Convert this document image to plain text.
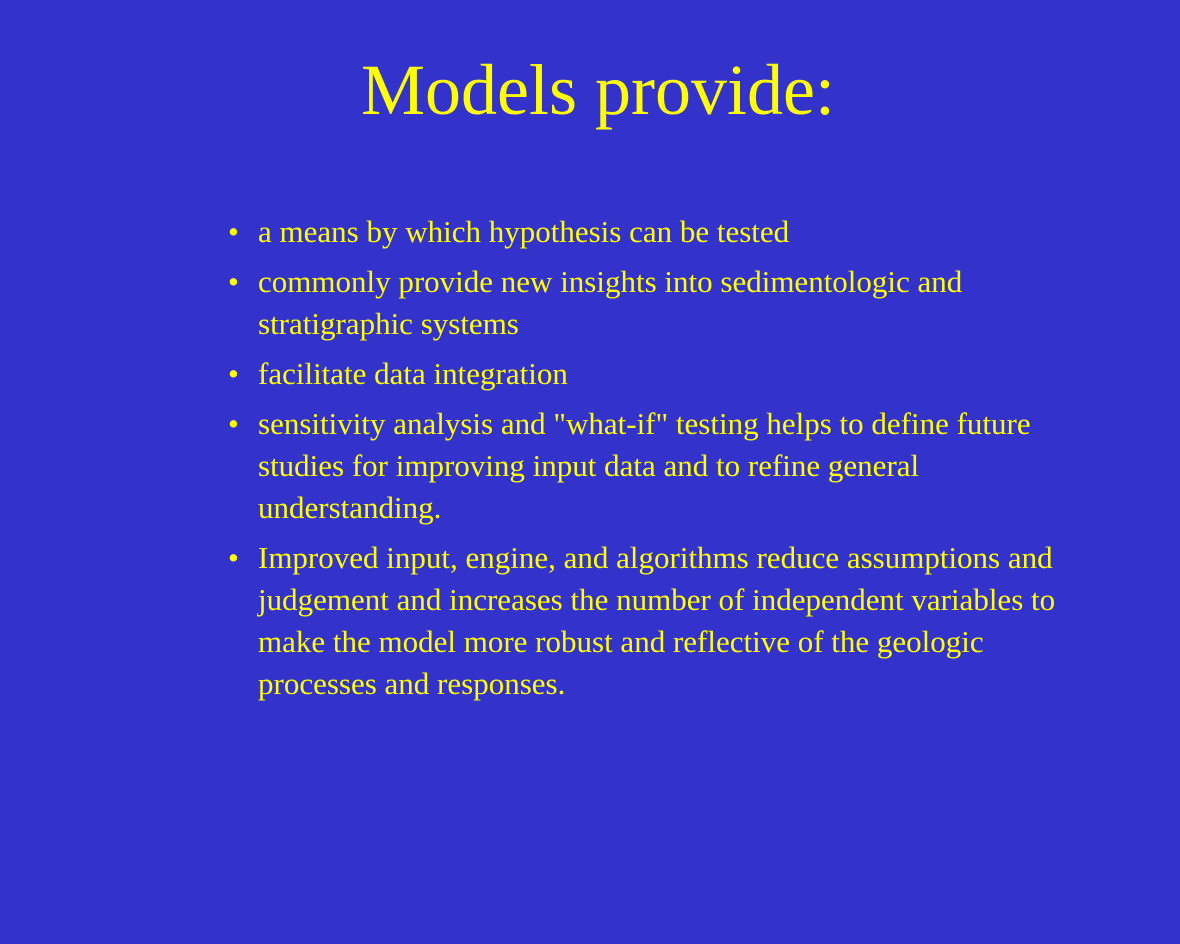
Models provide:
• a means by which hypothesis can be tested
• commonly provide new insights into sedimentologic and stratigraphic systems
• facilitate data integration
• sensitivity analysis and "what-if" testing helps to define future studies for improving input data and to refine general understanding.
• Improved input, engine, and algorithms reduce assumptions and judgement and increases the number of independent variables to make the model more robust and reflective of the geologic processes and responses.
